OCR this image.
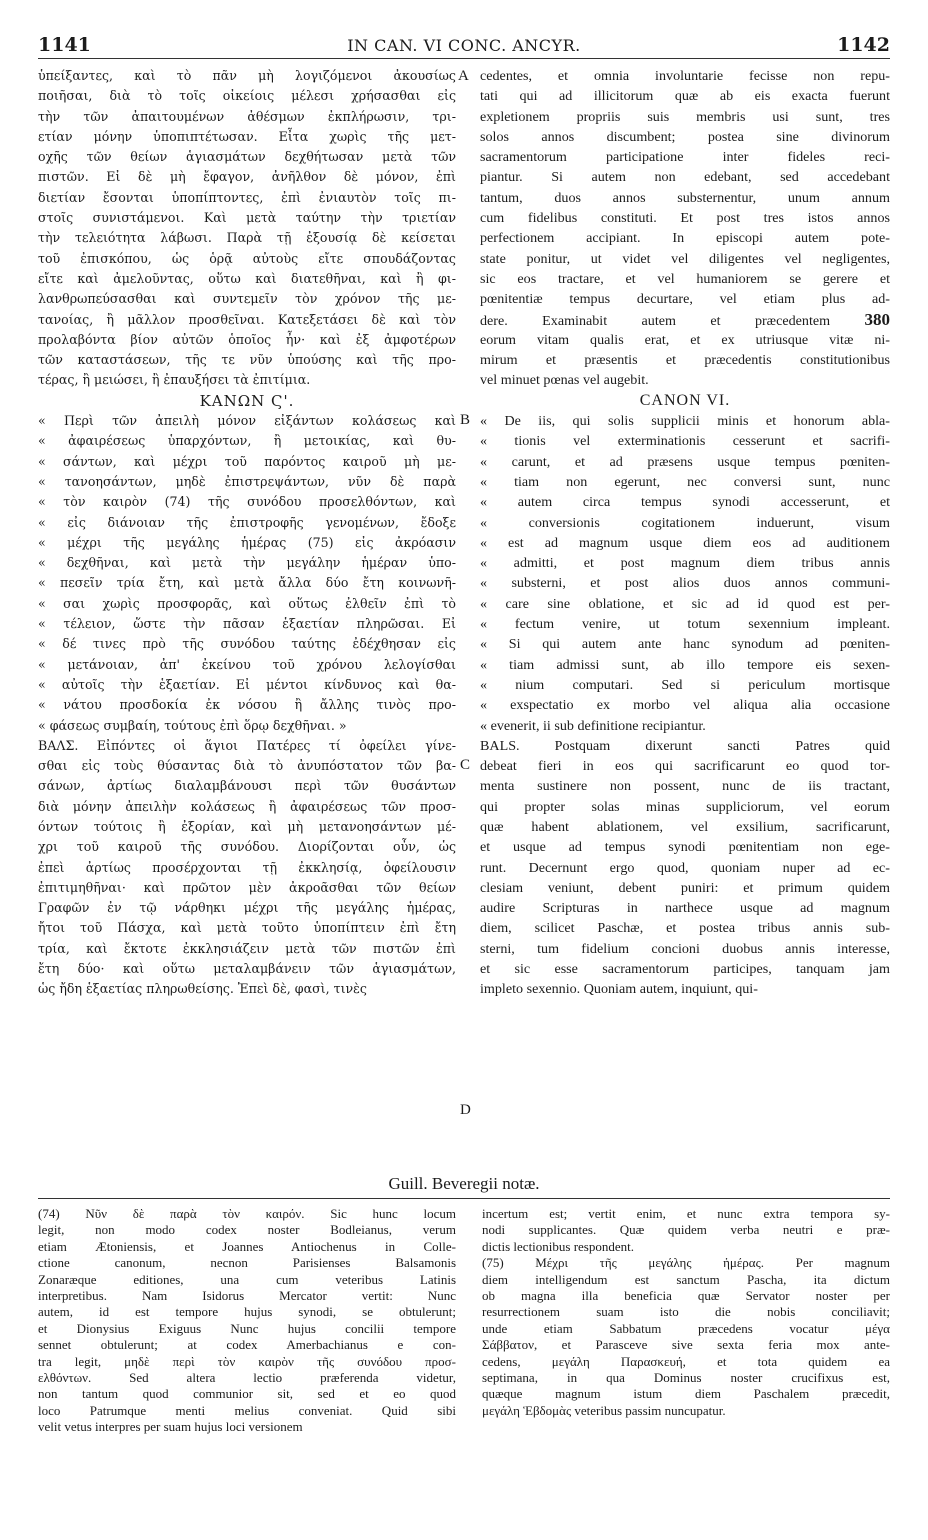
1141	IN CAN. VI CONC. ANCYR.	1142
ὑπείξαντες, καὶ τὸ πᾶν μὴ λογιζόμενοι ἀκουσίως
ποιῆσαι, διὰ τὸ τοῖς οἰκείοις μέλεσι χρήσασθαι εἰς
τὴν τῶν ἀπαιτουμένων ἀθέσμων ἐκπλήρωσιν, τρι-
ετίαν μόνην ὑποπιπτέτωσαν. Εἶτα χωρὶς τῆς μετ-
οχῆς τῶν θείων ἁγιασμάτων δεχθήτωσαν μετὰ τῶν
πιστῶν. Εἰ δὲ μὴ ἔφαγον, ἀνῆλθον δὲ μόνον, ἐπὶ
διετίαν ἔσονται ὑποπίπτοντες, ἐπὶ ἐνιαυτὸν τοῖς πι-
στοῖς συνιστάμενοι. Καὶ μετὰ ταύτην τὴν τριετίαν
τὴν τελειότητα λάβωσι. Παρὰ τῇ ἐξουσίᾳ δὲ κείσεται
τοῦ ἐπισκόπου, ὡς ὁρᾷ αὐτοὺς εἴτε σπουδάζοντας
εἴτε καὶ ἀμελοῦντας, οὕτω καὶ διατεθῆναι, καὶ ἢ φι-
λανθρωπεύσασθαι καὶ συντεμεῖν τὸν χρόνον τῆς με-
τανοίας, ἢ μᾶλλον προσθεῖναι. Κατεξετάσει δὲ καὶ τὸν
προλαβόντα βίον αὐτῶν ὁποῖος ἦν· καὶ ἐξ ἀμφοτέρων
τῶν καταστάσεων, τῆς τε νῦν ὑπούσης καὶ τῆς προ-
τέρας, ἢ μειώσει, ἢ ἐπαυξήσει τὰ ἐπιτίμια.
ΚΑΝΩΝ Ϛ'.
« Περὶ τῶν ἀπειλὴ μόνον εἰξάντων κολάσεως καὶ
« ἀφαιρέσεως ὑπαρχόντων, ἢ μετοικίας, καὶ θυ-
« σάντων, καὶ μέχρι τοῦ παρόντος καιροῦ μὴ με-
« τανοησάντων, μηδὲ ἐπιστρεψάντων, νῦν δὲ παρὰ
« τὸν καιρὸν (74) τῆς συνόδου προσελθόντων, καὶ
« εἰς διάνοιαν τῆς ἐπιστροφῆς γενομένων, ἔδοξε
« μέχρι τῆς μεγάλης ἡμέρας (75) εἰς ἀκρόασιν
« δεχθῆναι, καὶ μετὰ τὴν μεγάλην ἡμέραν ὑπο-
« πεσεῖν τρία ἔτη, καὶ μετὰ ἄλλα δύο ἔτη κοινωνῆ-
« σαι χωρὶς προσφορᾶς, καὶ οὕτως ἐλθεῖν ἐπὶ τὸ
« τέλειον, ὥστε τὴν πᾶσαν ἑξαετίαν πληρῶσαι. Εἰ
« δέ τινες πρὸ τῆς συνόδου ταύτης ἐδέχθησαν εἰς
« μετάνοιαν, ἀπ' ἐκείνου τοῦ χρόνου λελογίσθαι
« αὐτοῖς τὴν ἑξαετίαν. Εἰ μέντοι κίνδυνος καὶ θα-
« νάτου προσδοκία ἐκ νόσου ἢ ἄλλης τινὸς προ-
« φάσεως συμβαίη, τούτους ἐπὶ ὅρῳ δεχθῆναι. »
ΒΑΛΣ. Εἰπόντες οἱ ἅγιοι Πατέρες τί ὀφείλει γίνε-
σθαι εἰς τοὺς θύσαντας διὰ τὸ ἀνυπόστατον τῶν βα-
σάνων, ἀρτίως διαλαμβάνουσι περὶ τῶν θυσάντων
διὰ μόνην ἀπειλὴν κολάσεως ἢ ἀφαιρέσεως τῶν προσ-
όντων τούτοις ἢ ἐξορίαν, καὶ μὴ μετανοησάντων μέ-
χρι τοῦ καιροῦ τῆς συνόδου. Διορίζονται οὖν, ὡς
ἐπεὶ ἀρτίως προσέρχονται τῇ ἐκκλησίᾳ, ὀφείλουσιν
ἐπιτιμηθῆναι· καὶ πρῶτον μὲν ἀκροᾶσθαι τῶν θείων
Γραφῶν ἐν τῷ νάρθηκι μέχρι τῆς μεγάλης ἡμέρας,
ἤτοι τοῦ Πάσχα, καὶ μετὰ τοῦτο ὑποπίπτειν ἐπὶ ἔτη
τρία, καὶ ἔκτοτε ἐκκλησιάζειν μετὰ τῶν πιστῶν ἐπὶ
ἔτη δύο· καὶ οὕτω μεταλαμβάνειν τῶν ἁγιασμάτων,
ὡς ἤδη ἑξαετίας πληρωθείσης. Ἐπεὶ δὲ, φασὶ, τινὲς
cedentes, et omnia involuntarie fecisse non repu-
tati qui ad illicitorum quæ ab eis exacta fuerunt
expletionem propriis suis membris usi sunt, tres
solos annos discumbent; postea sine divinorum
sacramentorum participatione inter fideles reci-
piantur. Si autem non edebant, sed accedebant
tantum, duos annos substernentur, unum annum
cum fidelibus constituti. Et post tres istos annos
perfectionem accipiant. In episcopi autem pote-
state ponitur, ut videt vel diligentes vel negligentes,
sic eos tractare, et vel humaniorem se gerere et
pœnitentiæ tempus decurtare, vel etiam plus ad-
dere. Examinabit autem et præcedentem 380
eorum vitam qualis erat, et ex utriusque vitæ ni-
mirum et præsentis et præcedentis constitutionibus
vel minuet pœnas vel augebit.
CANON VI.
« De iis, qui solis supplicii minis et honorum abla-
« tionis vel exterminationis cesserunt et sacrifi-
« carunt, et ad præsens usque tempus pœniten-
« tiam non egerunt, nec conversi sunt, nunc
« autem circa tempus synodi accesserunt, et
« conversionis cogitationem induerunt, visum
« est ad magnum usque diem eos ad auditionem
« admitti, et post magnum diem tribus annis
« substerni, et post alios duos annos communi-
« care sine oblatione, et sic ad id quod est per-
« fectum venire, ut totum sexennium impleant.
« Si qui autem ante hanc synodum ad pœniten-
« tiam admissi sunt, ab illo tempore eis sexen-
« nium computari. Sed si periculum mortisque
« exspectatio ex morbo vel aliqua alia occasione
« evenerit, ii sub definitione recipiantur.
BALS. Postquam dixerunt sancti Patres quid
debeat fieri in eos qui sacrificarunt eo quod tor-
menta sustinere non possent, nunc de iis tractant,
qui propter solas minas suppliciorum, vel eorum
quæ habent ablationem, vel exsilium, sacrificarunt,
et usque ad tempus synodi pœnitentiam non ege-
runt. Decernunt ergo quod, quoniam nuper ad ec-
clesiam veniunt, debent puniri: et primum quidem
audire Scripturas in narthece usque ad magnum
diem, scilicet Paschæ, et postea tribus annis sub-
sterni, tum fidelium concioni duobus annis interesse,
et sic esse sacramentorum participes, tanquam jam
impleto sexennio. Quoniam autem, inquiunt, qui-
A
B
C
D
Guill. Beveregii notæ.
(74) Νῦν δὲ παρὰ τὸν καιρόν. Sic hunc locum
legit, non modo codex noster Bodleianus, verum
etiam Ætoniensis, et Joannes Antiochenus in Colle-
ctione canonum, necnon Parisienses Balsamonis
Zonaræque editiones, una cum veteribus Latinis
interpretibus. Nam Isidorus Mercator vertit: Nunc
autem, id est tempore hujus synodi, se obtulerunt;
et Dionysius Exiguus Nunc hujus concilii tempore
sennet obtulerunt; at codex Amerbachianus e con-
tra legit, μηδὲ περὶ τὸν καιρὸν τῆς συνόδου προσ-
ελθόντων. Sed altera lectio præferenda videtur,
non tantum quod communior sit, sed et eo quod
loco Patrumque menti melius conveniat. Quid sibi
velit vetus interpres per suam hujus loci versionem
incertum est; vertit enim, et nunc extra tempora sy-
nodi supplicantes. Quæ quidem verba neutri e præ-
dictis lectionibus respondent.
(75) Μέχρι τῆς μεγάλης ἡμέρας. Per magnum
diem intelligendum est sanctum Pascha, ita dictum
ob magna illa beneficia quæ Servator noster per
resurrectionem suam isto die nobis conciliavit;
unde etiam Sabbatum præcedens vocatur μέγα
Σάββατον, et Parasceve sive sexta feria mox ante-
cedens, μεγάλη Παρασκευή, et tota quidem ea
septimana, in qua Dominus noster crucifixus est,
quæque magnum istum diem Paschalem præcedit,
μεγάλη Ἑβδομὰς veteribus passim nuncupatur.
